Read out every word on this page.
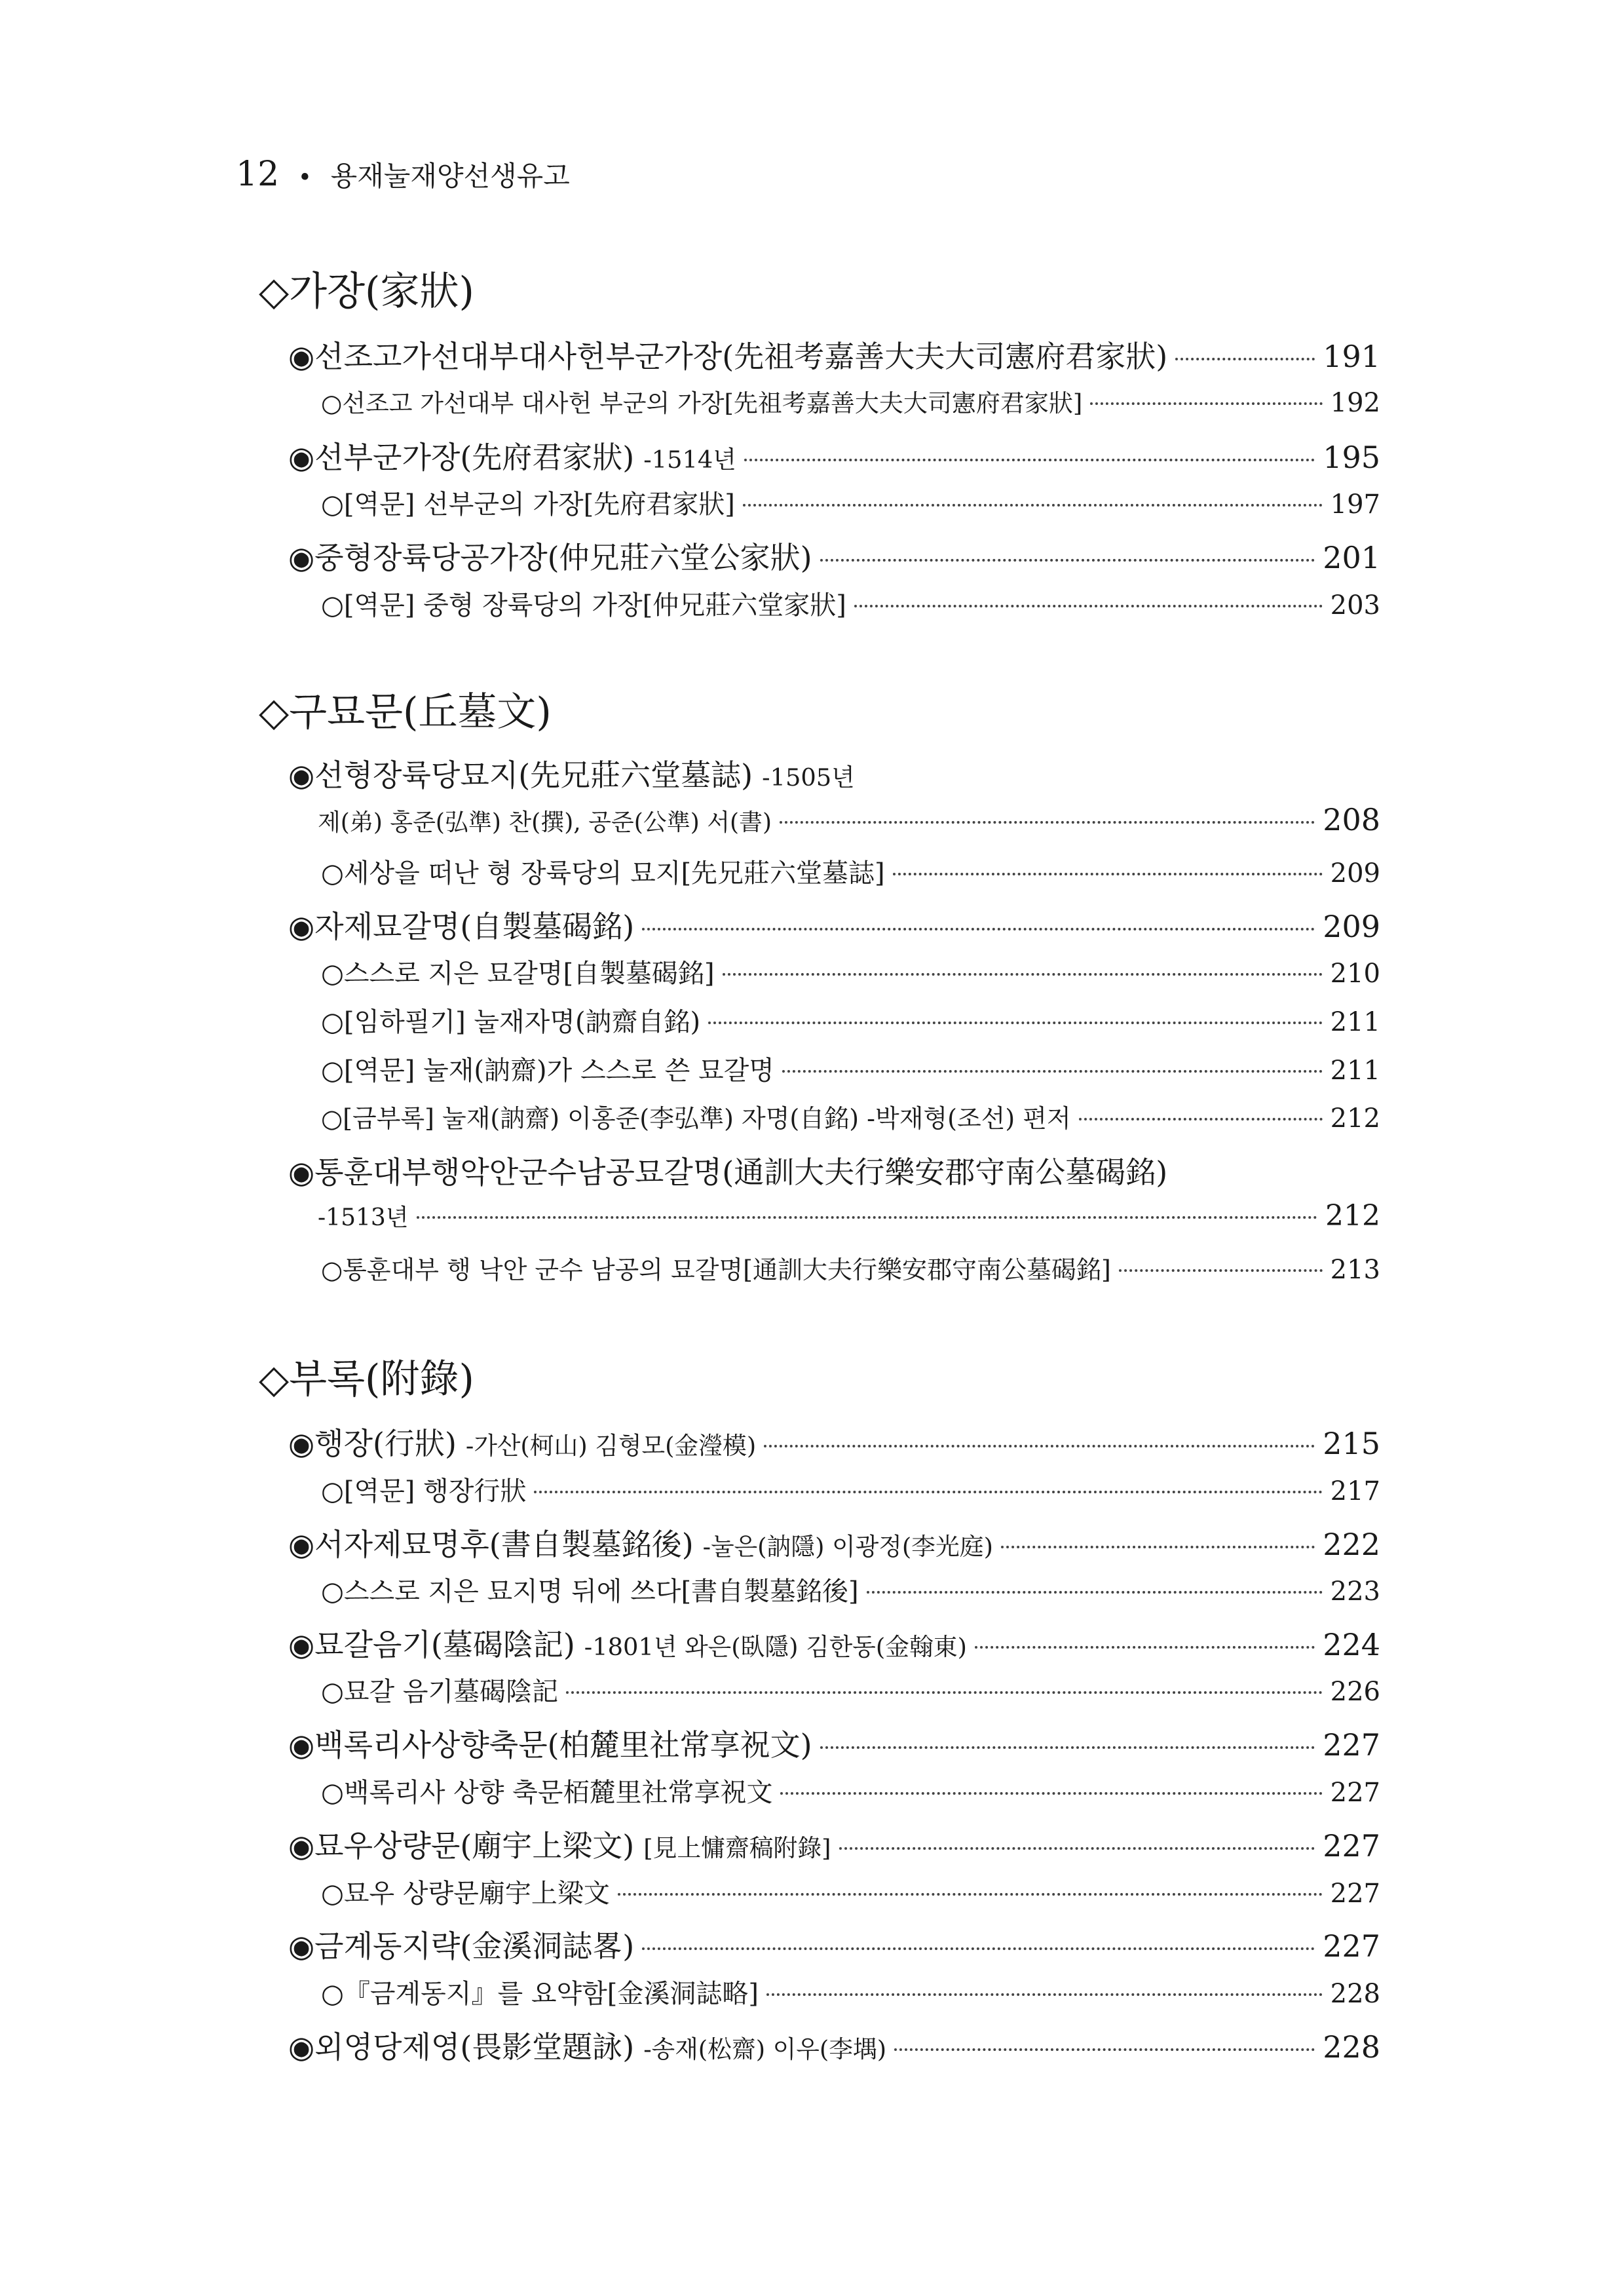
12 • 용재눌재양선생유고
◇가장(家狀)
◉선조고가선대부대사헌부군가장(先祖考嘉善大夫大司憲府君家狀)	191
○선조고 가선대부 대사헌 부군의 가장[先祖考嘉善大夫大司憲府君家狀]	192
◉선부군가장(先府君家狀) -1514년	195
○[역문] 선부군의 가장[先府君家狀]	197
◉중형장륙당공가장(仲兄莊六堂公家狀)	201
○[역문] 중형 장륙당의 가장[仲兄莊六堂家狀]	203
◇구묘문(丘墓文)
◉선형장륙당묘지(先兄莊六堂墓誌) -1505년
제(弟) 홍준(弘準) 찬(撰), 공준(公準) 서(書)	208
○세상을 떠난 형 장륙당의 묘지[先兄莊六堂墓誌]	209
◉자제묘갈명(自製墓碣銘)	209
○스스로 지은 묘갈명[自製墓碣銘]	210
○[임하필기] 눌재자명(訥齋自銘)	211
○[역문] 눌재(訥齋)가 스스로 쓴 묘갈명	211
○[금부록] 눌재(訥齋) 이홍준(李弘準) 자명(自銘) -박재형(조선) 편저	212
◉통훈대부행악안군수남공묘갈명(通訓大夫行樂安郡守南公墓碣銘)
-1513년	212
○통훈대부 행 낙안 군수 남공의 묘갈명[通訓大夫行樂安郡守南公墓碣銘]	213
◇부록(附錄)
◉행장(行狀) -가산(柯山) 김형모(金瀅模)	215
○[역문] 행장行狀	217
◉서자제묘명후(書自製墓銘後) -눌은(訥隱) 이광정(李光庭)	222
○스스로 지은 묘지명 뒤에 쓰다[書自製墓銘後]	223
◉묘갈음기(墓碣陰記) -1801년 와은(臥隱) 김한동(金翰東)	224
○묘갈 음기墓碣陰記	226
◉백록리사상향축문(柏麓里社常享祝文)	227
○백록리사 상향 축문栢麓里社常享祝文	227
◉묘우상량문(廟宇上梁文) [見上慵齋稿附錄]	227
○묘우 상량문廟宇上梁文	227
◉금계동지략(金溪洞誌畧)	227
○『금계동지』를 요약함[金溪洞誌略]	228
◉외영당제영(畏影堂題詠) -송재(松齋) 이우(李堣)	228
